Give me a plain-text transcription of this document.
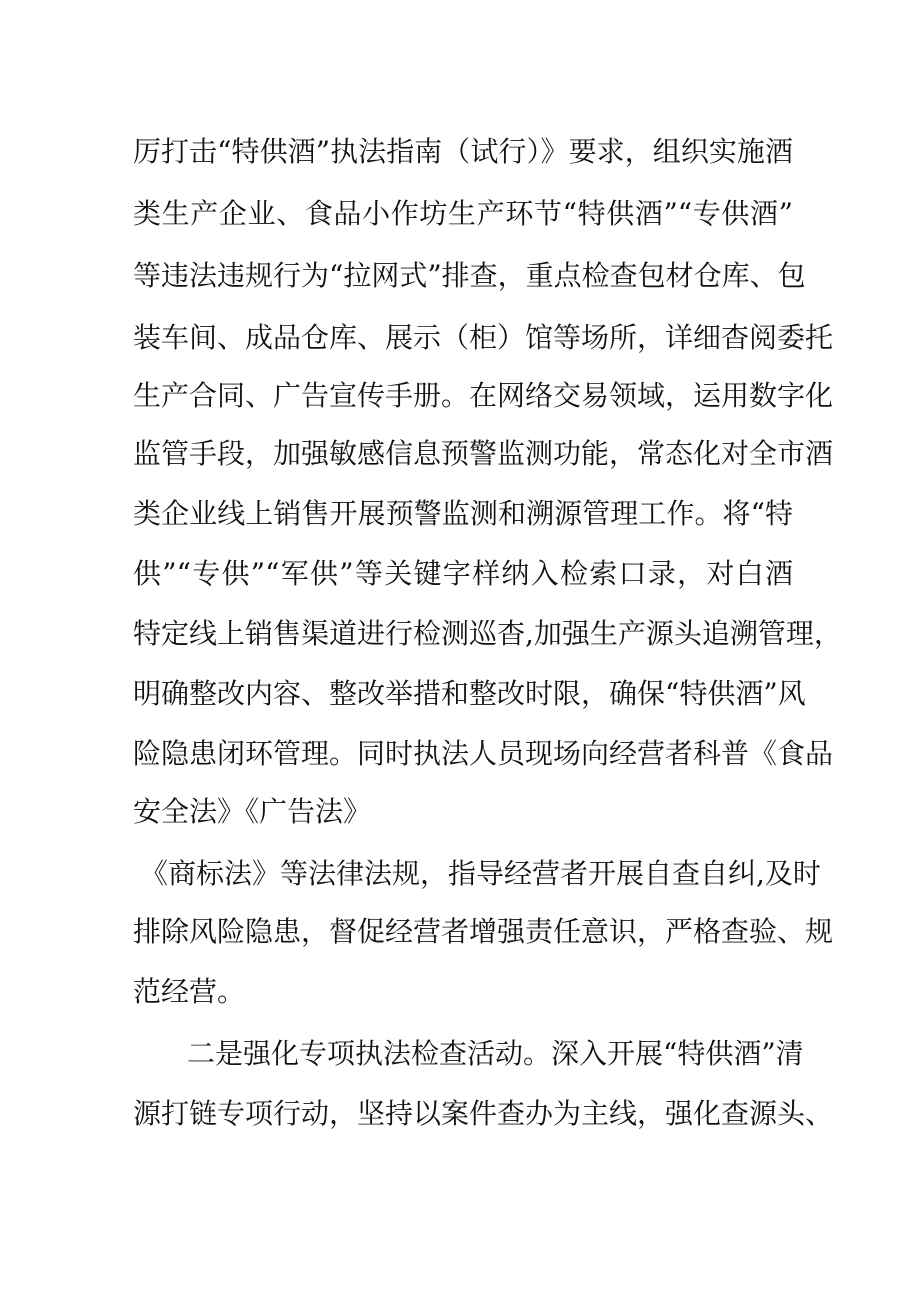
厉打击“特供酒”执法指南（试行）》要求，组织实施酒
类生产企业、食品小作坊生产环节“特供酒”“专供酒”
等违法违规行为“拉网式”排查，重点检查包材仓库、包
装车间、成品仓库、展示（柜）馆等场所，详细杳阅委托
生产合同、广告宣传手册。在网络交易领域，运用数字化
监管手段，加强敏感信息预警监测功能，常态化对全市酒
类企业线上销售开展预警监测和溯源管理工作。将“特
供”“专供”“军供”等关键字样纳入检索口录，对白酒
特定线上销售渠道进行检测巡杳,加强生产源头追溯管理，
明确整改内容、整改举措和整改时限，确保“特供酒”风
险隐患闭环管理。同时执法人员现场向经营者科普《食品
安全法》《广告法》
《商标法》等法律法规，指导经营者开展自查自纠,及时
排除风险隐患，督促经营者增强责任意识，严格查验、规
范经营。
二是强化专项执法检查活动。深入开展“特供酒”清
源打链专项行动，坚持以案件查办为主线，强化查源头、
